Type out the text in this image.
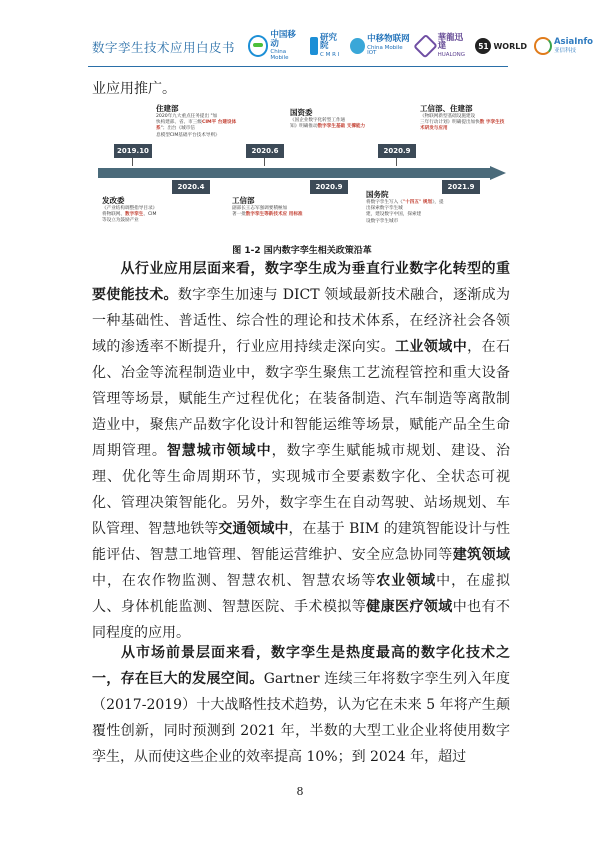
数字孪生技术应用白皮书
中国移动
China Mobile
研究院
C M R I
中移物联网
China Mobile IOT
華龍迅達
HUALONG
51 WORLD	AsiaInfo
亚信科技
业应用推广。
2019.10
2020.4
2020.6
2020.9
2020.9
2021.9
发改委
《产业结构调整指导目录》
将物联网、数字孪生、CIM
等设立为鼓励产业
住建部
2020年九大重点任务提出 "加
快构建部、省、市三级CIM平 台建设体系"；出台《城市信
息模型CIM基础平台技术导则》
工信部
副部长王志军强调要積極加
著一批数字孪生等新技术应 用标准
国资委
《国企业数字化转型工作通
知》明确推动数字孪生基础 支撑能力
国务院
将数字孪生写入《"十四五" 规划》，提出探索数字孪生城
建，建设数字中国，探索建
设数字孪生城市
工信部、住建部
《物联网新型基础设施建设
三年行动计划》明确提出加快数 字孪生技术研发与应用
图 1-2 国内数字孪生相关政策沿革
从行业应用层面来看，数字孪生成为垂直行业数字化转型的重要使能技术。数字孪生加速与 DICT 领域最新技术融合，逐渐成为一种基础性、普适性、综合性的理论和技术体系，在经济社会各领域的渗透率不断提升，行业应用持续走深向实。工业领域中，在石化、冶金等流程制造业中，数字孪生聚焦工艺流程管控和重大设备管理等场景，赋能生产过程优化；在装备制造、汽车制造等离散制造业中，聚焦产品数字化设计和智能运维等场景，赋能产品全生命周期管理。智慧城市领域中，数字孪生赋能城市规划、建设、治理、优化等生命周期环节，实现城市全要素数字化、全状态可视化、管理决策智能化。另外，数字孪生在自动驾驶、站场规划、车队管理、智慧地铁等交通领域中，在基于 BIM 的建筑智能设计与性能评估、智慧工地管理、智能运营维护、安全应急协同等建筑领域中，在农作物监测、智慧农机、智慧农场等农业领域中，在虚拟人、身体机能监测、智慧医院、手术模拟等健康医疗领域中也有不同程度的应用。
从市场前景层面来看，数字孪生是热度最高的数字化技术之一，存在巨大的发展空间。Gartner 连续三年将数字孪生列入年度（2017-2019）十大战略性技术趋势，认为它在未来 5 年将产生颠覆性创新，同时预测到 2021 年，半数的大型工业企业将使用数字孪生，从而使这些企业的效率提高 10%；到 2024 年，超过
8
